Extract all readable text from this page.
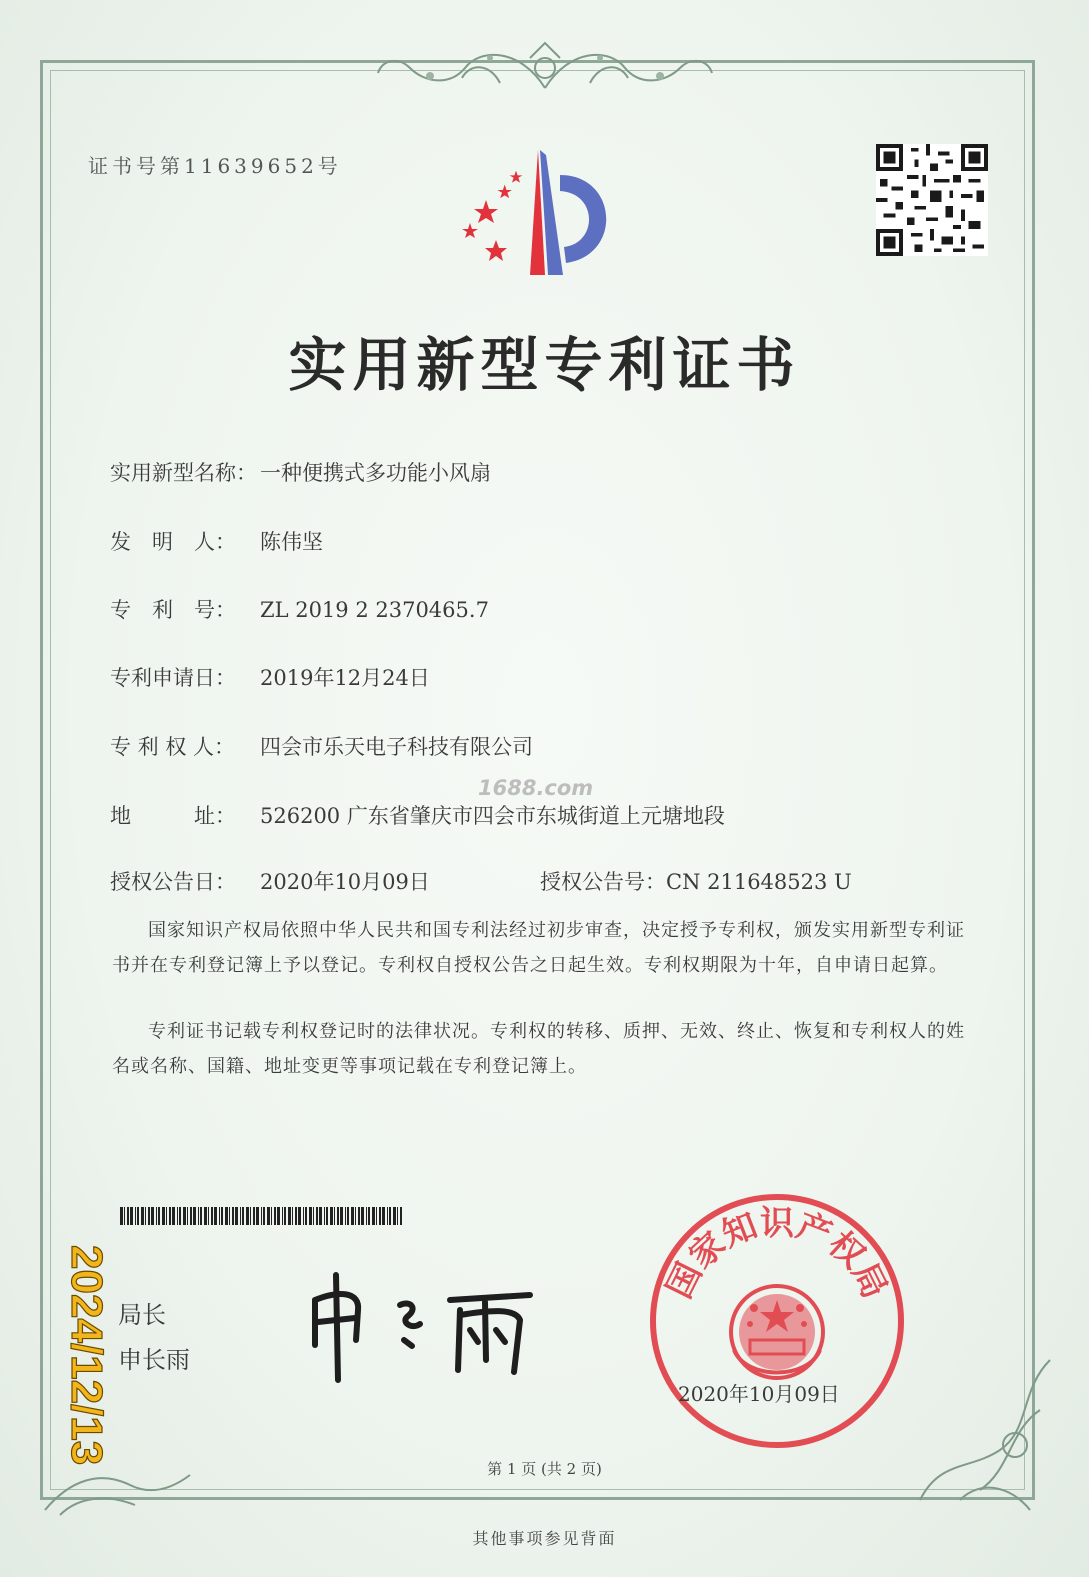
证书号第11639652号
实用新型专利证书
实用新型名称： 一种便携式多功能小风扇
发　明　人： 陈伟坚
专　利　号： ZL 2019 2 2370465.7
专利申请日： 2019年12月24日
专 利 权 人： 四会市乐天电子科技有限公司
1688.com
地　　　址： 526200 广东省肇庆市四会市东城街道上元塘地段
授权公告日： 2020年10月09日	授权公告号：CN 211648523 U
国家知识产权局依照中华人民共和国专利法经过初步审查，决定授予专利权，颁发实用新型专利证书并在专利登记簿上予以登记。专利权自授权公告之日起生效。专利权期限为十年，自申请日起算。
专利证书记载专利权登记时的法律状况。专利权的转移、质押、无效、终止、恢复和专利权人的姓名或名称、国籍、地址变更等事项记载在专利登记簿上。
2024/12/13 局长
申长雨
国家知识产权局
2020年10月09日
第 1 页 (共 2 页)
其他事项参见背面
